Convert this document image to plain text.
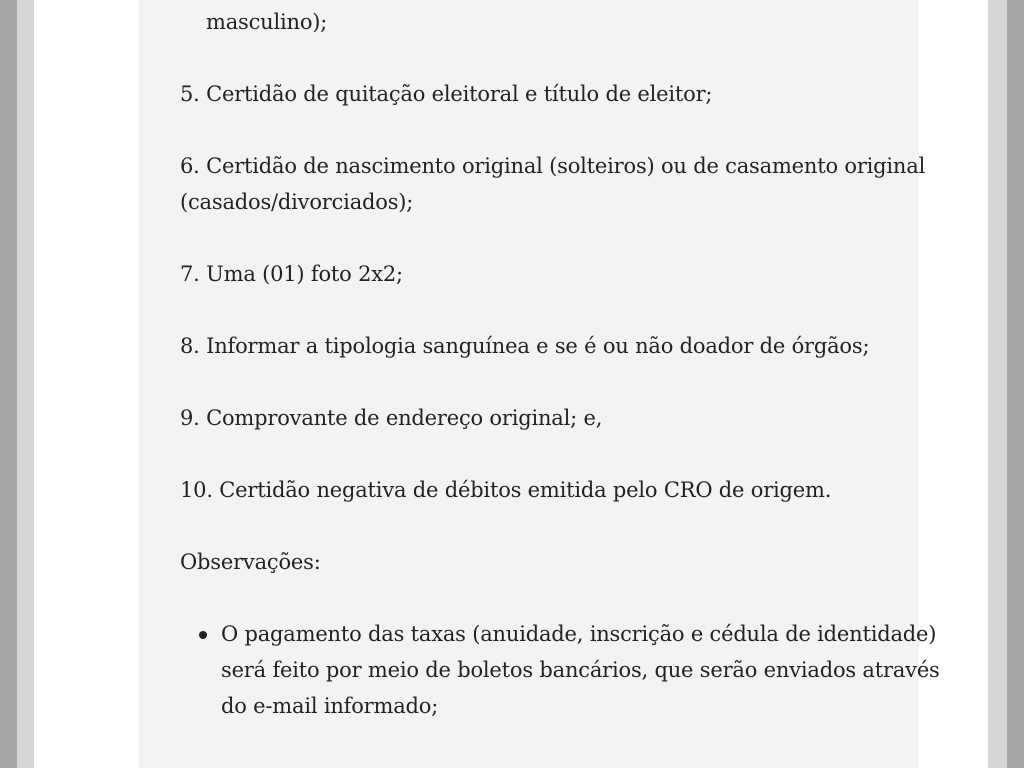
masculino);
5. Certidão de quitação eleitoral e título de eleitor;
6. Certidão de nascimento original (solteiros) ou de casamento original
(casados/divorciados);
7. Uma (01) foto 2x2;
8. Informar a tipologia sanguínea e se é ou não doador de órgãos;
9. Comprovante de endereço original; e,
10. Certidão negativa de débitos emitida pelo CRO de origem.
Observações:
O pagamento das taxas (anuidade, inscrição e cédula de identidade)
será feito por meio de boletos bancários, que serão enviados através
do e-mail informado;
